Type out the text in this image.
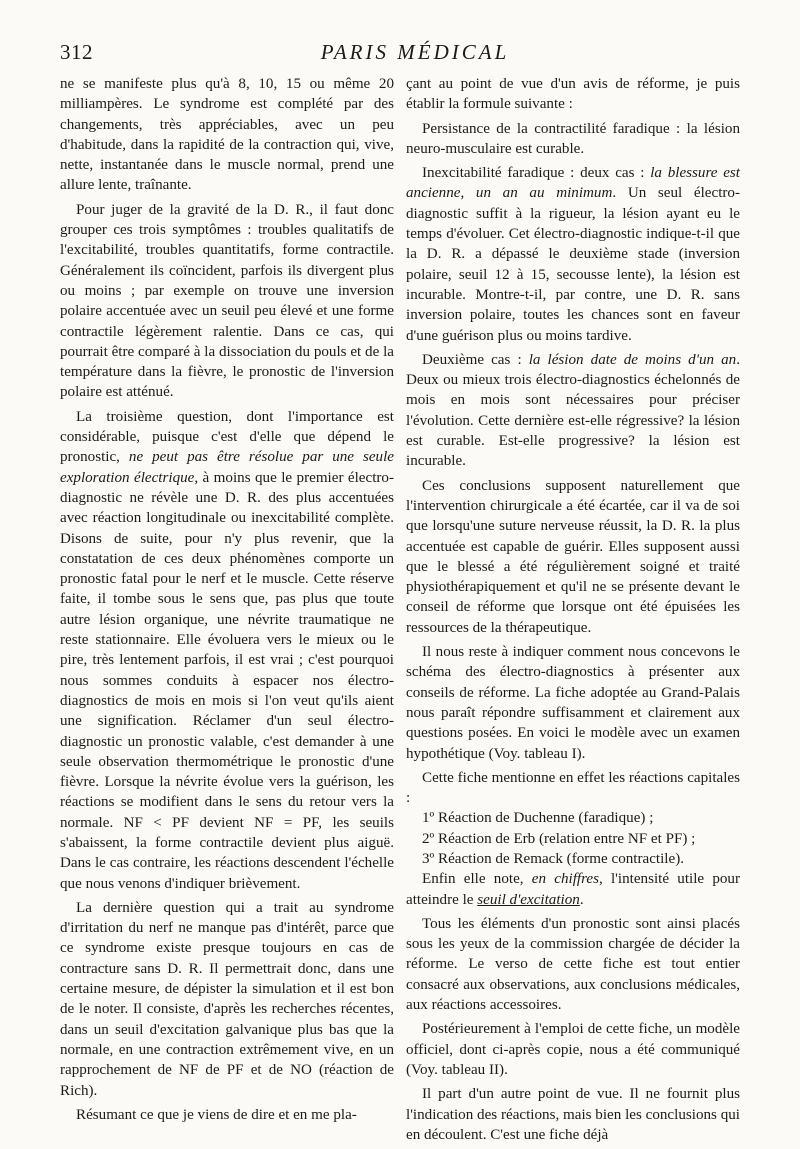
312	PARIS MÉDICAL

ne se manifeste plus qu'à 8, 10, 15 ou même 20 milliampères. Le syndrome est complété par des changements, très appréciables, avec un peu d'habitude, dans la rapidité de la contraction qui, vive, nette, instantanée dans le muscle normal, prend une allure lente, traînante.

Pour juger de la gravité de la D. R., il faut donc grouper ces trois symptômes : troubles qualitatifs de l'excitabilité, troubles quantitatifs, forme contractile. Généralement ils coïncident, parfois ils divergent plus ou moins ; par exemple on trouve une inversion polaire accentuée avec un seuil peu élevé et une forme contractile légèrement ralentie. Dans ce cas, qui pourrait être comparé à la dissociation du pouls et de la température dans la fièvre, le pronostic de l'inversion polaire est atténué.

La troisième question, dont l'importance est considérable, puisque c'est d'elle que dépend le pronostic, ne peut pas être résolue par une seule exploration électrique, à moins que le premier électro-diagnostic ne révèle une D. R. des plus accentuées avec réaction longitudinale ou inexcitabilité complète. Disons de suite, pour n'y plus revenir, que la constatation de ces deux phénomènes comporte un pronostic fatal pour le nerf et le muscle. Cette réserve faite, il tombe sous le sens que, pas plus que toute autre lésion organique, une névrite traumatique ne reste stationnaire. Elle évoluera vers le mieux ou le pire, très lentement parfois, il est vrai ; c'est pourquoi nous sommes conduits à espacer nos électro-diagnostics de mois en mois si l'on veut qu'ils aient une signification. Réclamer d'un seul électro-diagnostic un pronostic valable, c'est demander à une seule observation thermométrique le pronostic d'une fièvre. Lorsque la névrite évolue vers la guérison, les réactions se modifient dans le sens du retour vers la normale. NF < PF devient NF = PF, les seuils s'abaissent, la forme contractile devient plus aiguë. Dans le cas contraire, les réactions descendent l'échelle que nous venons d'indiquer brièvement.

La dernière question qui a trait au syndrome d'irritation du nerf ne manque pas d'intérêt, parce que ce syndrome existe presque toujours en cas de contracture sans D. R. Il permettrait donc, dans une certaine mesure, de dépister la simulation et il est bon de le noter. Il consiste, d'après les recherches récentes, dans un seuil d'excitation galvanique plus bas que la normale, en une contraction extrêmement vive, en un rapprochement de NF de PF et de NO (réaction de Rich).

Résumant ce que je viens de dire et en me pla-

çant au point de vue d'un avis de réforme, je puis établir la formule suivante :

Persistance de la contractilité faradique : la lésion neuro-musculaire est curable.

Inexcitabilité faradique : deux cas : la blessure est ancienne, un an au minimum. Un seul électro-diagnostic suffit à la rigueur, la lésion ayant eu le temps d'évoluer. Cet électro-diagnostic indique-t-il que la D. R. a dépassé le deuxième stade (inversion polaire, seuil 12 à 15, secousse lente), la lésion est incurable. Montre-t-il, par contre, une D. R. sans inversion polaire, toutes les chances sont en faveur d'une guérison plus ou moins tardive.

Deuxième cas : la lésion date de moins d'un an. Deux ou mieux trois électro-diagnostics échelonnés de mois en mois sont nécessaires pour préciser l'évolution. Cette dernière est-elle régressive? la lésion est curable. Est-elle progressive? la lésion est incurable.

Ces conclusions supposent naturellement que l'intervention chirurgicale a été écartée, car il va de soi que lorsqu'une suture nerveuse réussit, la D. R. la plus accentuée est capable de guérir. Elles supposent aussi que le blessé a été régulièrement soigné et traité physiothérapiquement et qu'il ne se présente devant le conseil de réforme que lorsque ont été épuisées les ressources de la thérapeutique.

Il nous reste à indiquer comment nous concevons le schéma des électro-diagnostics à présenter aux conseils de réforme. La fiche adoptée au Grand-Palais nous paraît répondre suffisamment et clairement aux questions posées. En voici le modèle avec un examen hypothétique (Voy. tableau I).

Cette fiche mentionne en effet les réactions capitales :

1º Réaction de Duchenne (faradique) ;

2º Réaction de Erb (relation entre NF et PF) ;

3º Réaction de Remack (forme contractile).

Enfin elle note, en chiffres, l'intensité utile pour atteindre le seuil d'excitation.

Tous les éléments d'un pronostic sont ainsi placés sous les yeux de la commission chargée de décider la réforme. Le verso de cette fiche est tout entier consacré aux observations, aux conclusions médicales, aux réactions accessoires.

Postérieurement à l'emploi de cette fiche, un modèle officiel, dont ci-après copie, nous a été communiqué (Voy. tableau II).

Il part d'un autre point de vue. Il ne fournit plus l'indication des réactions, mais bien les conclusions qui en découlent. C'est une fiche déjà
